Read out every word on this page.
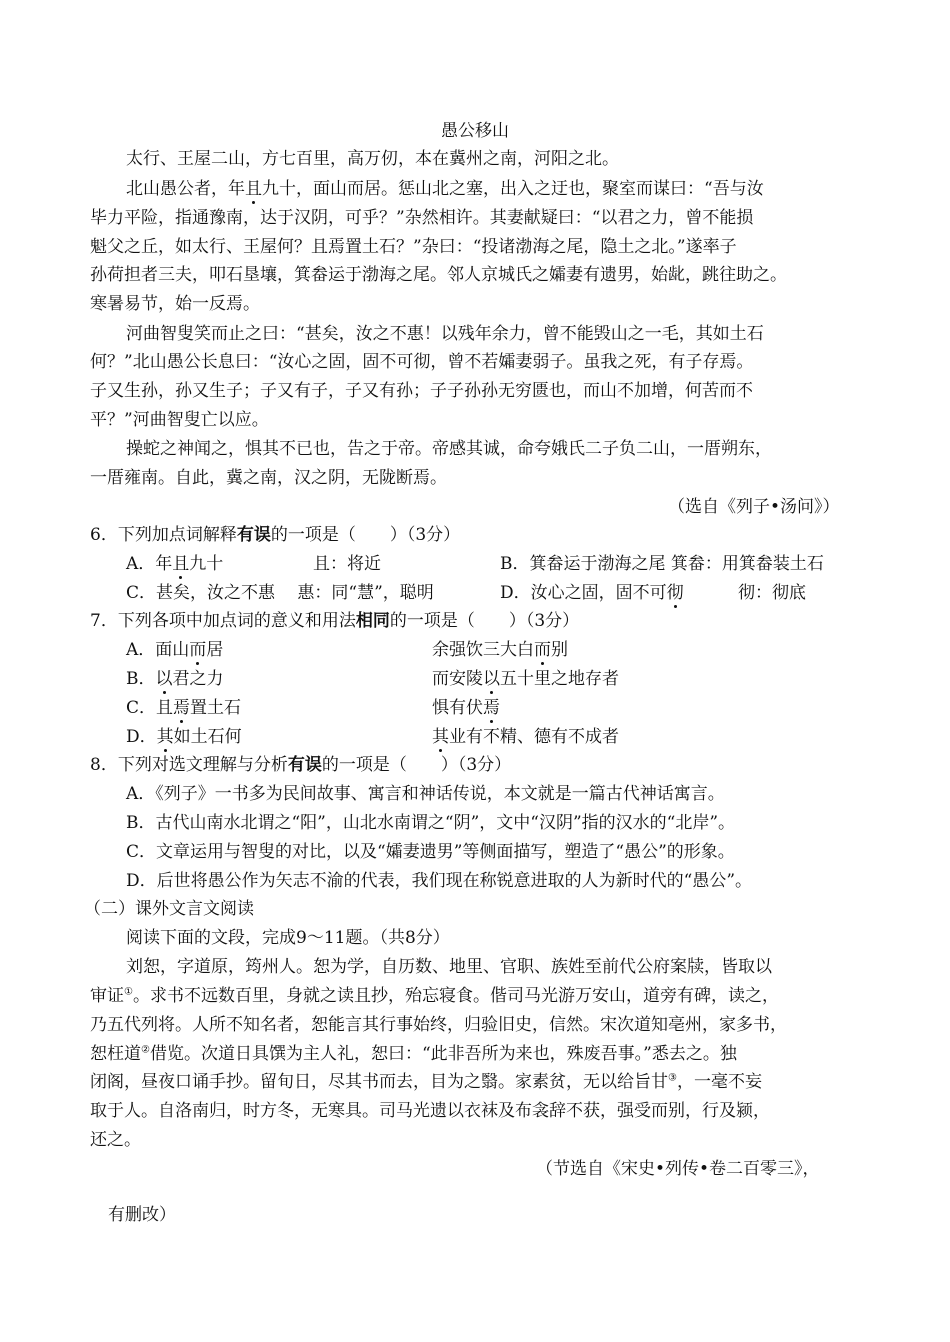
愚公移山
太行、王屋二山，方七百里，高万仞，本在冀州之南，河阳之北。
北山愚公者，年且九十，面山而居。惩山北之塞，出入之迂也，聚室而谋曰：“吾与汝
毕力平险，指通豫南，达于汉阴，可乎？”杂然相许。其妻献疑曰：“以君之力，曾不能损
魁父之丘，如太行、王屋何？且焉置土石？”杂曰：“投诸渤海之尾，隐土之北。”遂率子
孙荷担者三夫，叩石垦壤，箕畚运于渤海之尾。邻人京城氏之孀妻有遗男，始龀，跳往助之。
寒暑易节，始一反焉。
河曲智叟笑而止之曰：“甚矣，汝之不惠！以残年余力，曾不能毁山之一毛，其如土石
何？”北山愚公长息曰：“汝心之固，固不可彻，曾不若孀妻弱子。虽我之死，有子存焉。
子又生孙，孙又生子；子又有子，子又有孙；子子孙孙无穷匮也，而山不加增，何苦而不
平？”河曲智叟亡以应。
操蛇之神闻之，惧其不已也，告之于帝。帝感其诚，命夸娥氏二子负二山，一厝朔东，
一厝雍南。自此，冀之南，汉之阴，无陇断焉。
（选自《列子•汤问》）
6．下列加点词解释有误的一项是（　　）（3分）
A．年且九十	且：将近	B．箕畚运于渤海之尾 箕畚：用箕畚装土石
C．甚矣，汝之不惠　 惠：同“慧”，聪明	D．汝心之固，固不可彻	彻：彻底
7．下列各项中加点词的意义和用法相同的一项是（　　）（3分）
A．面山而居	余强饮三大白而别
B．以君之力	而安陵以五十里之地存者
C．且焉置土石	惧有伏焉
D．其如土石何	其业有不精、德有不成者
8．下列对选文理解与分析有误的一项是（　　）（3分）
A．《列子》一书多为民间故事、寓言和神话传说，本文就是一篇古代神话寓言。
B．古代山南水北谓之“阳”，山北水南谓之“阴”，文中“汉阴”指的汉水的“北岸”。
C．文章运用与智叟的对比，以及“孀妻遗男”等侧面描写，塑造了“愚公”的形象。
D．后世将愚公作为矢志不渝的代表，我们现在称锐意进取的人为新时代的“愚公”。
（二）课外文言文阅读
阅读下面的文段，完成9～11题。（共8分）
刘恕，字道原，筠州人。恕为学，自历数、地里、官职、族姓至前代公府案牍，皆取以
审证①。求书不远数百里，身就之读且抄，殆忘寝食。偕司马光游万安山，道旁有碑，读之，
乃五代列将。人所不知名者，恕能言其行事始终，归验旧史，信然。宋次道知亳州，家多书，
恕枉道②借览。次道日具馔为主人礼，恕曰：“此非吾所为来也，殊废吾事。”悉去之。独
闭阁，昼夜口诵手抄。留旬日，尽其书而去，目为之翳。家素贫，无以给旨甘③，一毫不妄
取于人。自洛南归，时方冬，无寒具。司马光遗以衣袜及布衾辞不获，强受而别，行及颍，
还之。
（节选自《宋史•列传•卷二百零三》，
有删改）
